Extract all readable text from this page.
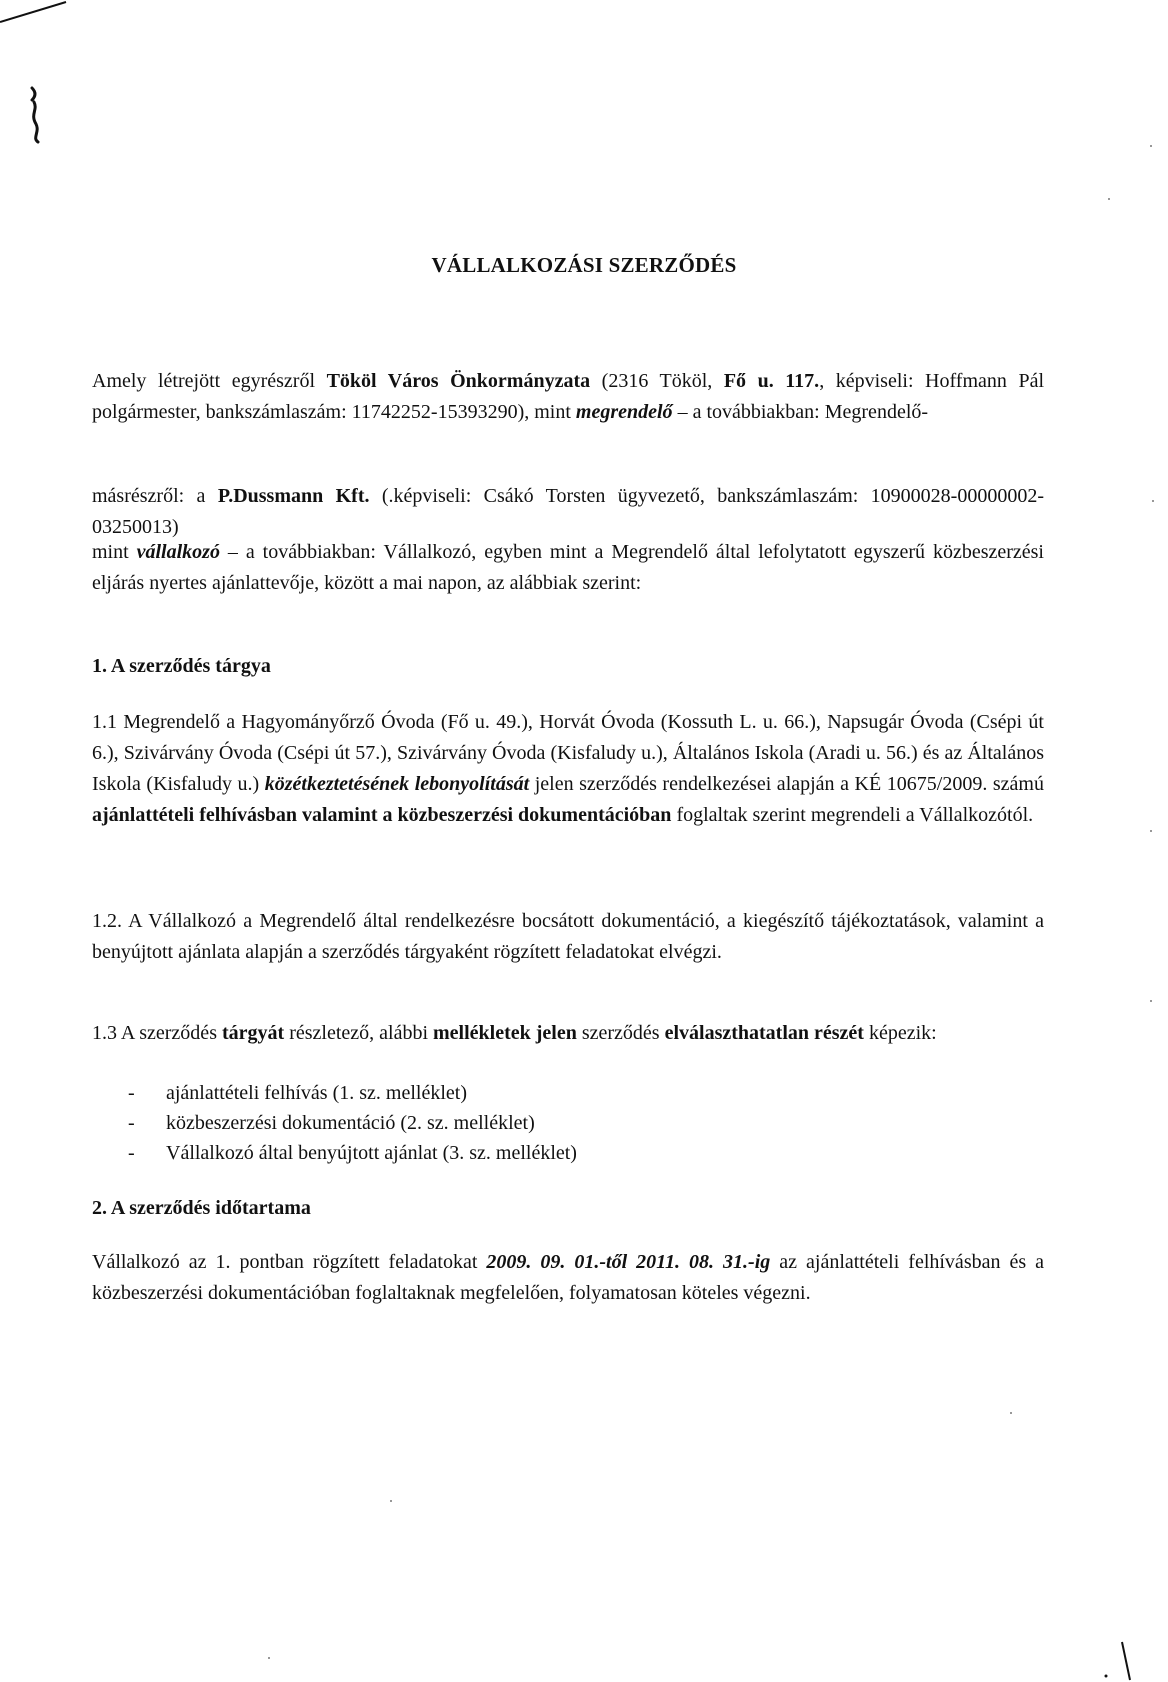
VÁLLALKOZÁSI SZERZŐDÉS

Amely létrejött egyrészről Tököl Város Önkormányzata (2316 Tököl, Fő u. 117., képviseli: Hoffmann Pál polgármester, bankszámlaszám: 11742252-15393290), mint megrendelő – a továbbiakban: Megrendelő-

másrészről: a P.Dussmann Kft. (.képviseli: Csákó Torsten ügyvezető, bankszámlaszám: 10900028-00000002-03250013)

mint vállalkozó – a továbbiakban: Vállalkozó, egyben mint a Megrendelő által lefolytatott egyszerű közbeszerzési eljárás nyertes ajánlattevője, között a mai napon, az alábbiak szerint:

1. A szerződés tárgya

1.1 Megrendelő a Hagyományőrző Óvoda (Fő u. 49.), Horvát Óvoda (Kossuth L. u. 66.), Napsugár Óvoda (Csépi út 6.), Szivárvány Óvoda (Csépi út 57.), Szivárvány Óvoda (Kisfaludy u.), Általános Iskola (Aradi u. 56.) és az Általános Iskola (Kisfaludy u.) közétkeztetésének lebonyolítását jelen szerződés rendelkezései alapján a KÉ 10675/2009. számú ajánlattételi felhívásban valamint a közbeszerzési dokumentációban foglaltak szerint megrendeli a Vállalkozótól.

1.2. A Vállalkozó a Megrendelő által rendelkezésre bocsátott dokumentáció, a kiegészítő tájékoztatások, valamint a benyújtott ajánlata alapján a szerződés tárgyaként rögzített feladatokat elvégzi.

1.3 A szerződés tárgyát részletező, alábbi mellékletek jelen szerződés elválaszthatatlan részét képezik:

- ajánlattételi felhívás (1. sz. melléklet)
- közbeszerzési dokumentáció (2. sz. melléklet)
- Vállalkozó által benyújtott ajánlat (3. sz. melléklet)
2. A szerződés időtartama

Vállalkozó az 1. pontban rögzített feladatokat 2009. 09. 01.-től 2011. 08. 31.-ig az ajánlattételi felhívásban és a közbeszerzési dokumentációban foglaltaknak megfelelően, folyamatosan köteles végezni.
